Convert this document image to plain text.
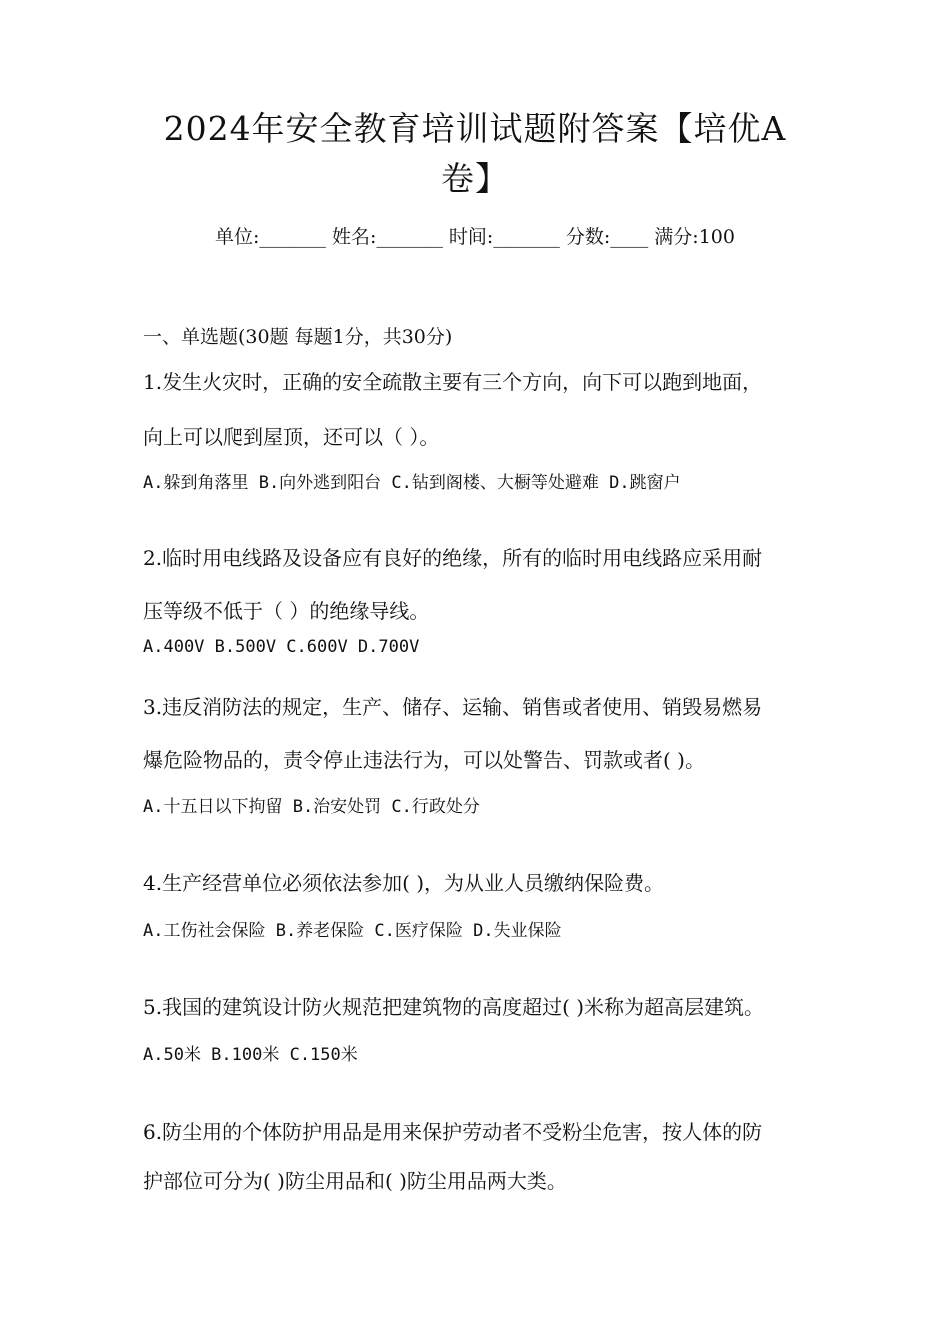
2024年安全教育培训试题附答案【培优A
卷】
单位:_______ 姓名:_______ 时间:_______ 分数:____ 满分:100
一、单选题(30题 每题1分，共30分)
1.发生火灾时，正确的安全疏散主要有三个方向，向下可以跑到地面，
向上可以爬到屋顶，还可以（ ）。
A.躲到角落里 B.向外逃到阳台 C.钻到阁楼、大橱等处避难 D.跳窗户
2.临时用电线路及设备应有良好的绝缘，所有的临时用电线路应采用耐
压等级不低于（ ）的绝缘导线。
A.400V B.500V C.600V D.700V
3.违反消防法的规定，生产、储存、运输、销售或者使用、销毁易燃易
爆危险物品的，责令停止违法行为，可以处警告、罚款或者( )。
A.十五日以下拘留 B.治安处罚 C.行政处分
4.生产经营单位必须依法参加( )，为从业人员缴纳保险费。
A.工伤社会保险 B.养老保险 C.医疗保险 D.失业保险
5.我国的建筑设计防火规范把建筑物的高度超过( )米称为超高层建筑。
A.50米 B.100米 C.150米
6.防尘用的个体防护用品是用来保护劳动者不受粉尘危害，按人体的防
护部位可分为( )防尘用品和( )防尘用品两大类。
